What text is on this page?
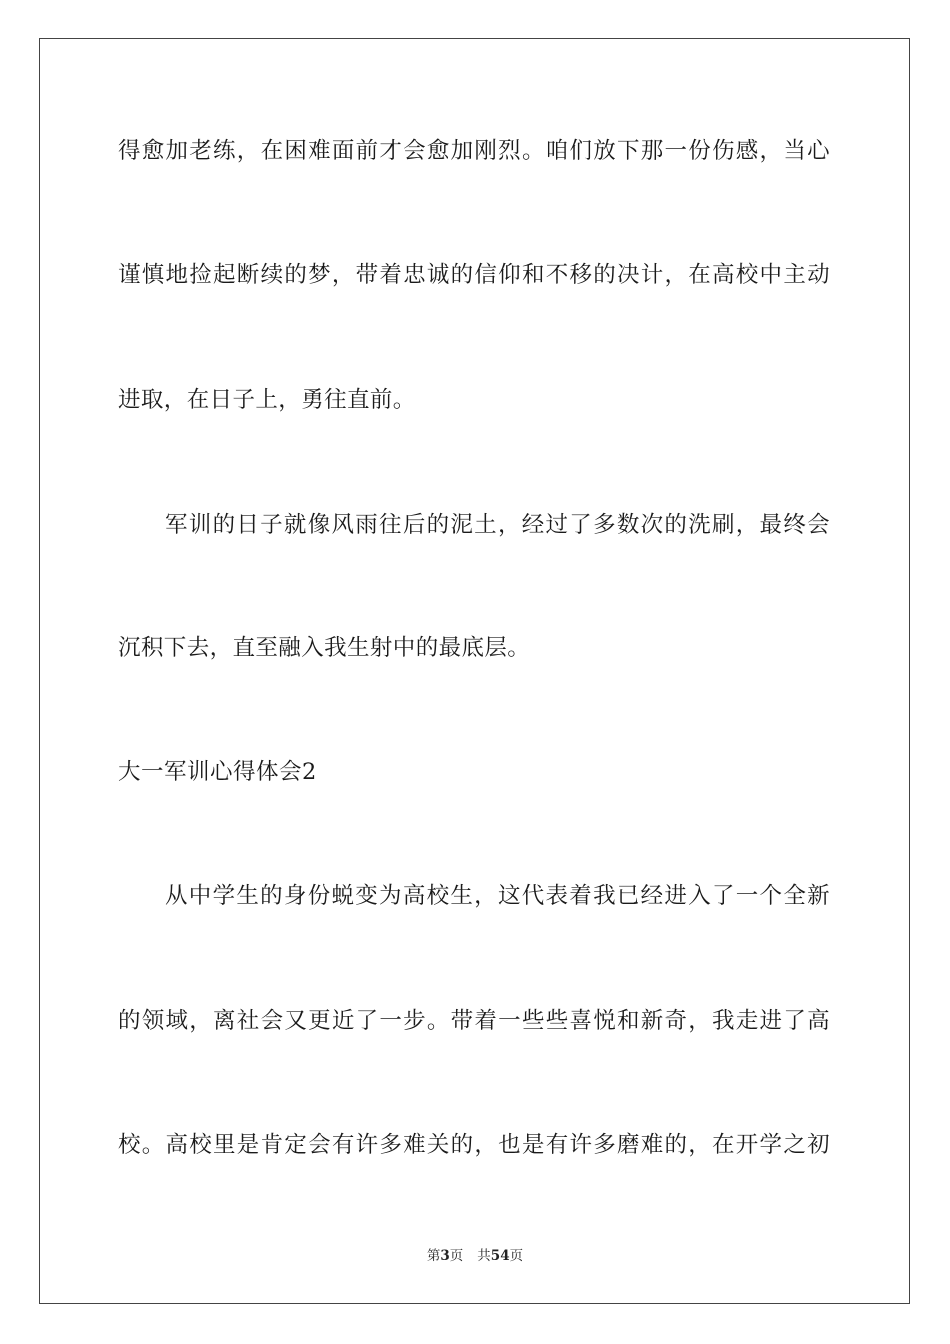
得愈加老练，在困难面前才会愈加刚烈。咱们放下那一份伤感，当心
谨慎地捡起断续的梦，带着忠诚的信仰和不移的决计，在高校中主动
进取，在日子上，勇往直前。
军训的日子就像风雨往后的泥土，经过了多数次的洗刷，最终会
沉积下去，直至融入我生射中的最底层。
大一军训心得体会2
从中学生的身份蜕变为高校生，这代表着我已经进入了一个全新
的领域，离社会又更近了一步。带着一些些喜悦和新奇，我走进了高
校。高校里是肯定会有许多难关的，也是有许多磨难的，在开学之初
第3页 共54页
